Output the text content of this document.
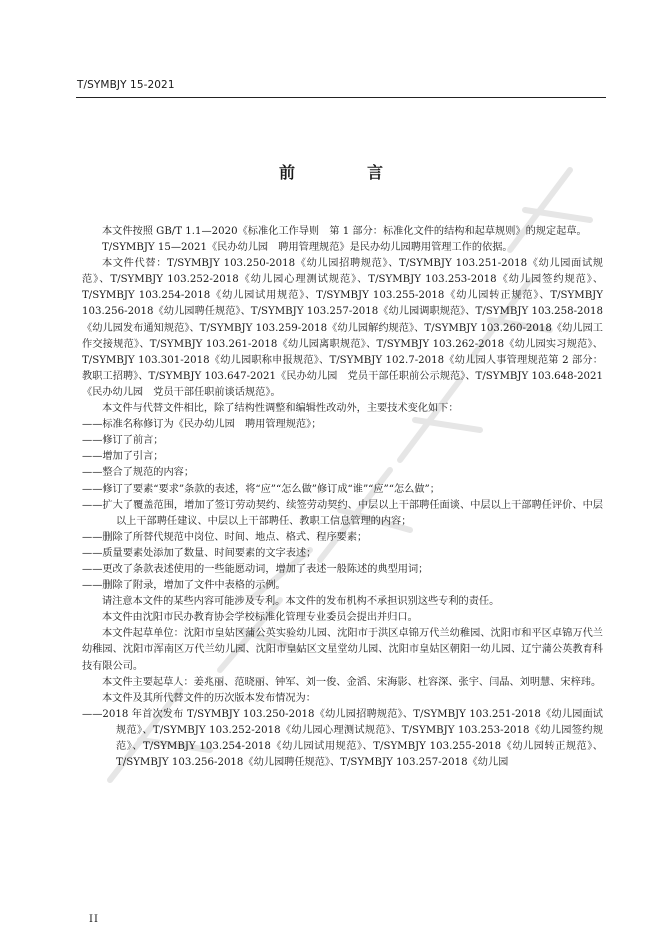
T/SYMBJY 15-2021
前　言

本文件按照 GB/T 1.1—2020《标准化工作导则　第 1 部分：标准化文件的结构和起草规则》的规定起草。

T/SYMBJY 15—2021《民办幼儿园　聘用管理规范》是民办幼儿园聘用管理工作的依据。

本文件代替：T/SYMBJY 103.250-2018《幼儿园招聘规范》、T/SYMBJY 103.251-2018《幼儿园面试规范》、T/SYMBJY 103.252-2018《幼儿园心理测试规范》、T/SYMBJY 103.253-2018《幼儿园签约规范》、T/SYMBJY 103.254-2018《幼儿园试用规范》、T/SYMBJY 103.255-2018《幼儿园转正规范》、T/SYMBJY 103.256-2018《幼儿园聘任规范》、T/SYMBJY 103.257-2018《幼儿园调职规范》、T/SYMBJY 103.258-2018《幼儿园发布通知规范》、T/SYMBJY 103.259-2018《幼儿园解约规范》、T/SYMBJY 103.260-2018《幼儿园工作交接规范》、T/SYMBJY 103.261-2018《幼儿园离职规范》、T/SYMBJY 103.262-2018《幼儿园实习规范》、T/SYMBJY 103.301-2018《幼儿园职称申报规范》、T/SYMBJY 102.7-2018《幼儿园人事管理规范第 2 部分：教职工招聘》、T/SYMBJY 103.647-2021《民办幼儿园　党员干部任职前公示规范》、T/SYMBJY 103.648-2021《民办幼儿园　党员干部任职前谈话规范》。

本文件与代替文件相比，除了结构性调整和编辑性改动外，主要技术变化如下：

——标准名称修订为《民办幼儿园　聘用管理规范》；

——修订了前言；

——增加了引言；

——整合了规范的内容；

——修订了要素“要求”条款的表述，将“应”“怎么做”修订成“谁”“应”“怎么做”；

——扩大了覆盖范围，增加了签订劳动契约、续签劳动契约、中层以上干部聘任面谈、中层以上干部聘任评价、中层以上干部聘任建议、中层以上干部聘任、教职工信息管理的内容；

——删除了所替代规范中岗位、时间、地点、格式、程序要素；

——质量要素处添加了数量、时间要素的文字表述；

——更改了条款表述使用的一些能愿动词，增加了表述一般陈述的典型用词；

——删除了附录，增加了文件中表格的示例。

请注意本文件的某些内容可能涉及专利。本文件的发布机构不承担识别这些专利的责任。

本文件由沈阳市民办教育协会学校标准化管理专业委员会提出并归口。

本文件起草单位：沈阳市皇姑区蒲公英实验幼儿园、沈阳市于洪区卓锦万代兰幼稚园、沈阳市和平区卓锦万代兰幼稚园、沈阳市浑南区万代兰幼儿园、沈阳市皇姑区文星堂幼儿园、沈阳市皇姑区朝阳一幼儿园、辽宁蒲公英教育科技有限公司。

本文件主要起草人：姜兆丽、范晓丽、钟军、刘一俊、金滔、宋海影、杜容深、张宇、闫晶、刘明慧、宋梓玮。

本文件及其所代替文件的历次版本发布情况为：

——2018 年首次发布 T/SYMBJY 103.250-2018《幼儿园招聘规范》、T/SYMBJY 103.251-2018《幼儿园面试规范》、T/SYMBJY 103.252-2018《幼儿园心理测试规范》、T/SYMBJY 103.253-2018《幼儿园签约规范》、T/SYMBJY 103.254-2018《幼儿园试用规范》、T/SYMBJY 103.255-2018《幼儿园转正规范》、T/SYMBJY 103.256-2018《幼儿园聘任规范》、T/SYMBJY 103.257-2018《幼儿园

II
